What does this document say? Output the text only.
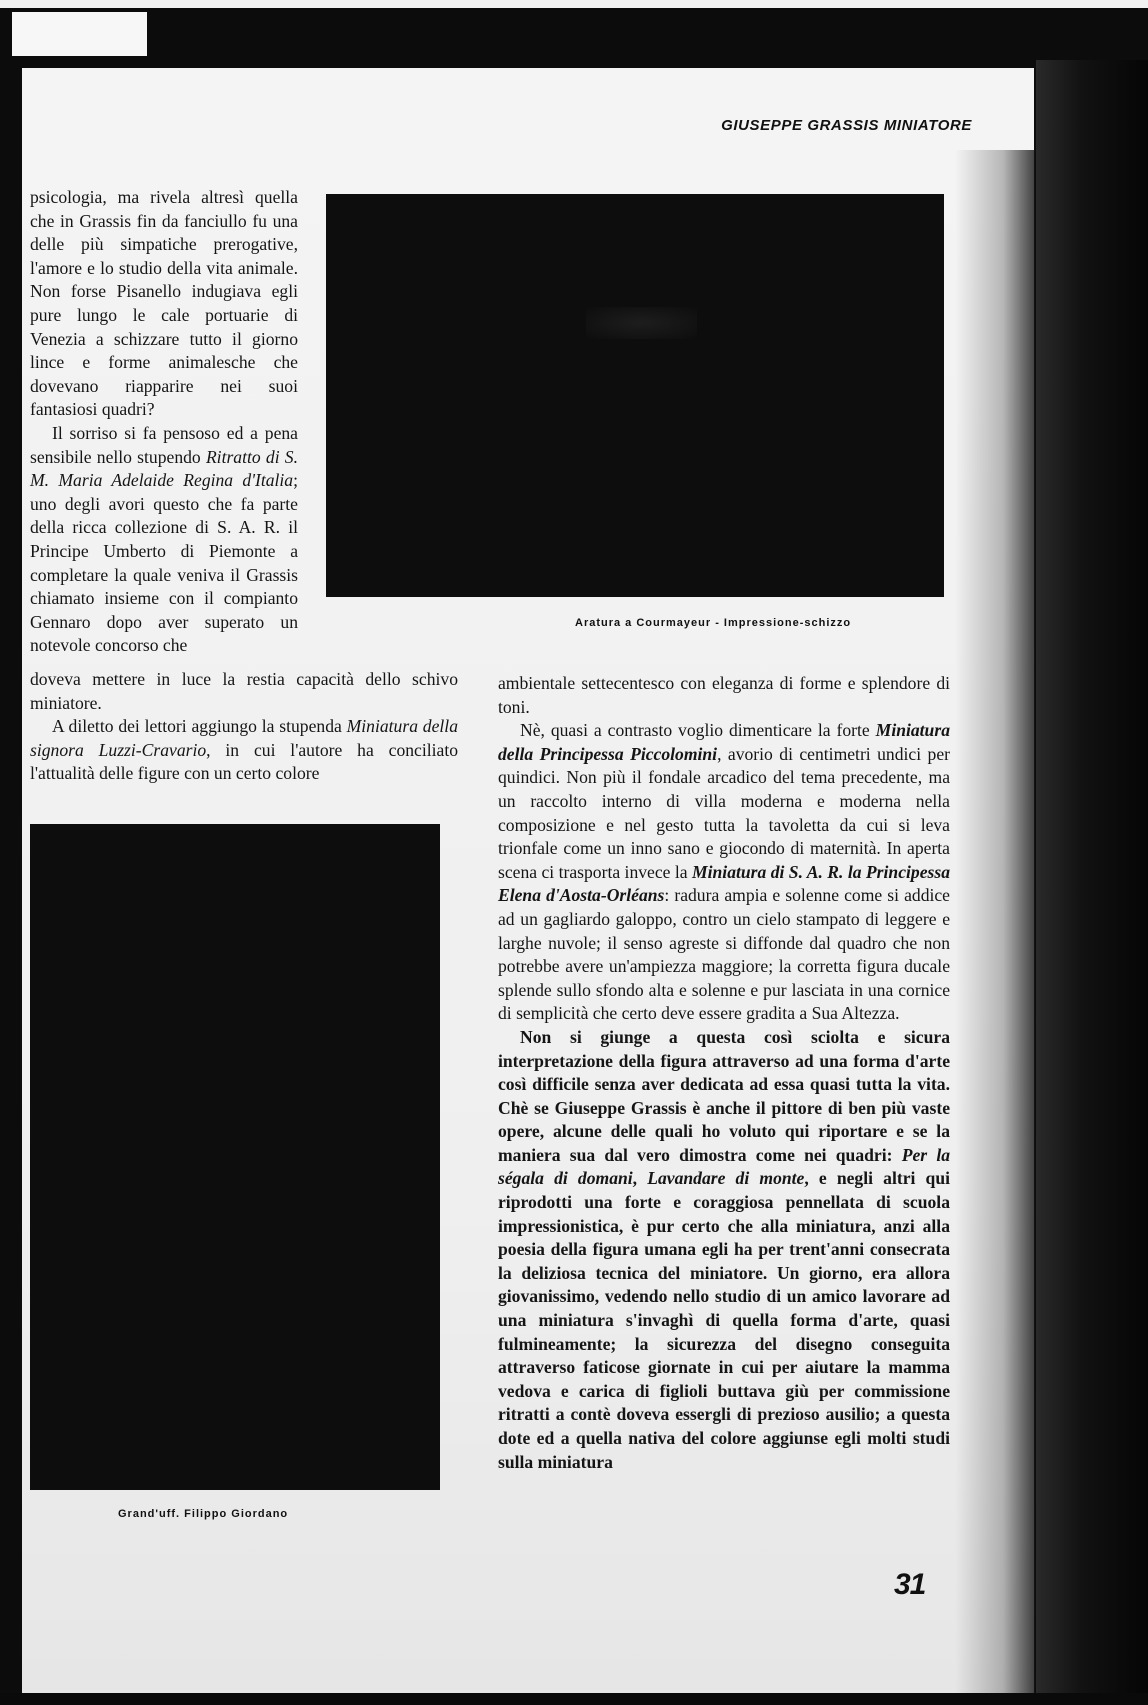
GIUSEPPE GRASSIS MINIATORE
Aratura a Courmayeur - Impressione-schizzo

psicologia, ma rivela altresì quella che in Grassis fin da fanciullo fu una delle più simpatiche prerogative, l'amore e lo studio della vita animale. Non forse Pisanello indugiava egli pure lungo le cale portuarie di Venezia a schizzare tutto il giorno lince e forme animalesche che dovevano riapparire nei suoi fantasiosi quadri?

Il sorriso si fa pensoso ed a pena sensibile nello stupendo Ritratto di S. M. Maria Adelaide Regina d'Italia; uno degli avori questo che fa parte della ricca collezione di S. A. R. il Principe Umberto di Piemonte a completare la quale veniva il Grassis chiamato insieme con il compianto Gennaro dopo aver superato un notevole concorso che

doveva mettere in luce la restia capacità dello schivo miniatore.

A diletto dei lettori aggiungo la stupenda Miniatura della signora Luzzi-Cravario, in cui l'autore ha conciliato l'attualità delle figure con un certo colore

Grand'uff. Filippo Giordano

ambientale settecentesco con eleganza di forme e splendore di toni.

Nè, quasi a contrasto voglio dimenticare la forte Miniatura della Principessa Piccolomini, avorio di centimetri undici per quindici. Non più il fondale arcadico del tema precedente, ma un raccolto interno di villa moderna e moderna nella composizione e nel gesto tutta la tavoletta da cui si leva trionfale come un inno sano e giocondo di maternità. In aperta scena ci trasporta invece la Miniatura di S. A. R. la Principessa Elena d'Aosta-Orléans: radura ampia e solenne come si addice ad un gagliardo galoppo, contro un cielo stampato di leggere e larghe nuvole; il senso agreste si diffonde dal quadro che non potrebbe avere un'ampiezza maggiore; la corretta figura ducale splende sullo sfondo alta e solenne e pur lasciata in una cornice di semplicità che certo deve essere gradita a Sua Altezza.

Non si giunge a questa così sciolta e sicura interpretazione della figura attraverso ad una forma d'arte così difficile senza aver dedicata ad essa quasi tutta la vita. Chè se Giuseppe Grassis è anche il pittore di ben più vaste opere, alcune delle quali ho voluto qui riportare e se la maniera sua dal vero dimostra come nei quadri: Per la ségala di domani, Lavandare di monte, e negli altri qui riprodotti una forte e coraggiosa pennellata di scuola impressionistica, è pur certo che alla miniatura, anzi alla poesia della figura umana egli ha per trent'anni consecrata la deliziosa tecnica del miniatore. Un giorno, era allora giovanissimo, vedendo nello studio di un amico lavorare ad una miniatura s'invaghì di quella forma d'arte, quasi fulmineamente; la sicurezza del disegno conseguita attraverso faticose giornate in cui per aiutare la mamma vedova e carica di figlioli buttava giù per commissione ritratti a contè doveva essergli di prezioso ausilio; a questa dote ed a quella nativa del colore aggiunse egli molti studi sulla miniatura

31
